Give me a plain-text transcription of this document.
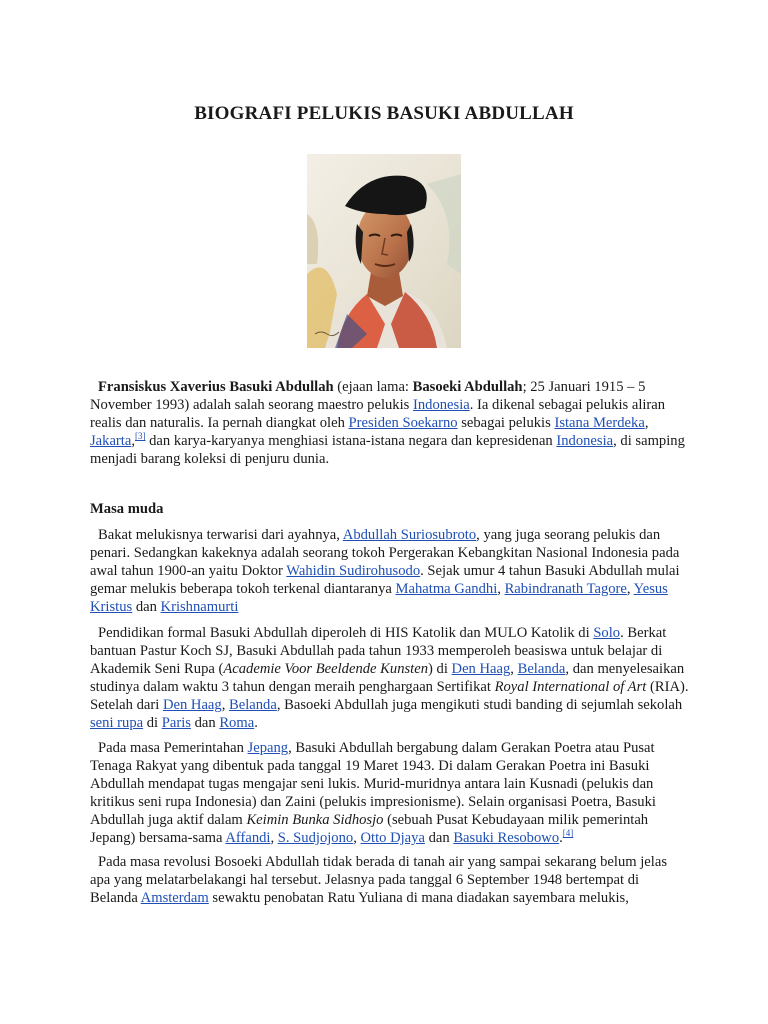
BIOGRAFI PELUKIS BASUKI ABDULLAH

Fransiskus Xaverius Basuki Abdullah (ejaan lama: Basoeki Abdullah; 25 Januari 1915 – 5 November 1993) adalah salah seorang maestro pelukis Indonesia. Ia dikenal sebagai pelukis aliran realis dan naturalis. Ia pernah diangkat oleh Presiden Soekarno sebagai pelukis Istana Merdeka, Jakarta,[3] dan karya-karyanya menghiasi istana-istana negara dan kepresidenan Indonesia, di samping menjadi barang koleksi di penjuru dunia.

Masa muda

Bakat melukisnya terwarisi dari ayahnya, Abdullah Suriosubroto, yang juga seorang pelukis dan penari. Sedangkan kakeknya adalah seorang tokoh Pergerakan Kebangkitan Nasional Indonesia pada awal tahun 1900-an yaitu Doktor Wahidin Sudirohusodo. Sejak umur 4 tahun Basuki Abdullah mulai gemar melukis beberapa tokoh terkenal diantaranya Mahatma Gandhi, Rabindranath Tagore, Yesus Kristus dan Krishnamurti

Pendidikan formal Basuki Abdullah diperoleh di HIS Katolik dan MULO Katolik di Solo. Berkat bantuan Pastur Koch SJ, Basuki Abdullah pada tahun 1933 memperoleh beasiswa untuk belajar di Akademik Seni Rupa (Academie Voor Beeldende Kunsten) di Den Haag, Belanda, dan menyelesaikan studinya dalam waktu 3 tahun dengan meraih penghargaan Sertifikat Royal International of Art (RIA). Setelah dari Den Haag, Belanda, Basoeki Abdullah juga mengikuti studi banding di sejumlah sekolah seni rupa di Paris dan Roma.

Pada masa Pemerintahan Jepang, Basuki Abdullah bergabung dalam Gerakan Poetra atau Pusat Tenaga Rakyat yang dibentuk pada tanggal 19 Maret 1943. Di dalam Gerakan Poetra ini Basuki Abdullah mendapat tugas mengajar seni lukis. Murid-muridnya antara lain Kusnadi (pelukis dan kritikus seni rupa Indonesia) dan Zaini (pelukis impresionisme). Selain organisasi Poetra, Basuki Abdullah juga aktif dalam Keimin Bunka Sidhosjo (sebuah Pusat Kebudayaan milik pemerintah Jepang) bersama-sama Affandi, S. Sudjojono, Otto Djaya dan Basuki Resobowo.[4]

Pada masa revolusi Bosoeki Abdullah tidak berada di tanah air yang sampai sekarang belum jelas apa yang melatarbelakangi hal tersebut. Jelasnya pada tanggal 6 September 1948 bertempat di Belanda Amsterdam sewaktu penobatan Ratu Yuliana di mana diadakan sayembara melukis,
